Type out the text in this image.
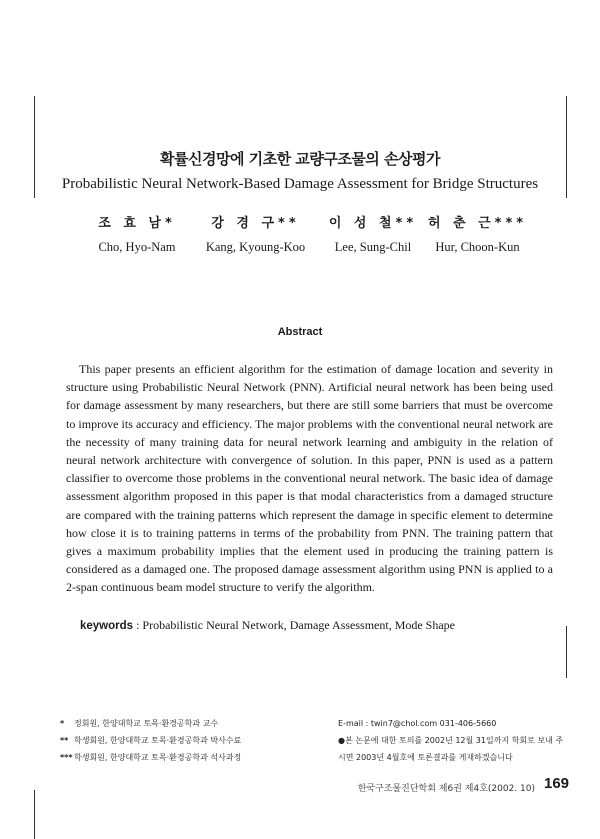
확률신경망에 기초한 교량구조물의 손상평가
Probabilistic Neural Network-Based Damage Assessment for Bridge Structures
조 효 남*	강 경 구**	이 성 철** 허 춘 근***
Cho, Hyo-Nam	Kang, Kyoung-Koo	Lee, Sung-Chil	Hur, Choon-Kun
Abstract
This paper presents an efficient algorithm for the estimation of damage location and severity in structure using Probabilistic Neural Network (PNN). Artificial neural network has been being used for damage assessment by many researchers, but there are still some barriers that must be overcome to improve its accuracy and efficiency. The major problems with the conventional neural network are the necessity of many training data for neural network learning and ambiguity in the relation of neural network architecture with convergence of solution. In this paper, PNN is used as a pattern classifier to overcome those problems in the conventional neural network. The basic idea of damage assessment algorithm proposed in this paper is that modal characteristics from a damaged structure are compared with the training patterns which represent the damage in specific element to determine how close it is to training patterns in terms of the probability from PNN. The training pattern that gives a maximum probability implies that the element used in producing the training pattern is considered as a damaged one. The proposed damage assessment algorithm using PNN is applied to a 2-span continuous beam model structure to verify the algorithm.
keywords : Probabilistic Neural Network, Damage Assessment, Mode Shape
* 정회원, 한양대학교 토목·환경공학과 교수
** 학생회원, 한양대학교 토목·환경공학과 박사수료
***학생회원, 한양대학교 토목·환경공학과 석사과정
E-mail : twin7@chol.com 031-406-5660
●본 논문에 대한 토의를 2002년 12월 31일까지 학회로 보내 주시면 2003년 4월호에 토론결과를 게재하겠습니다
한국구조물진단학회 제6권 제4호(2002. 10) 169
